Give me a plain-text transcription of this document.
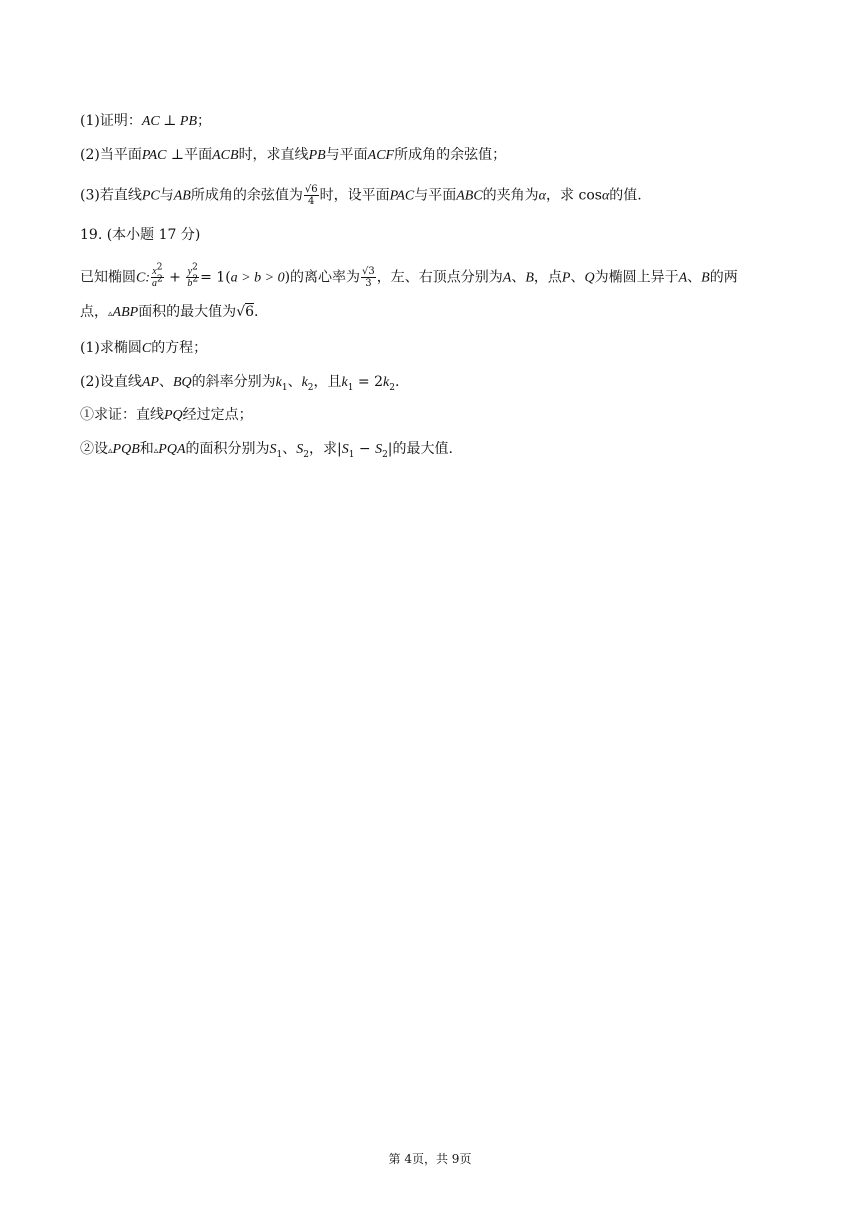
(1)证明：AC ⊥ PB；
(2)当平面PAC ⊥平面ACB时，求直线PB与平面ACF所成角的余弦值；
(3)若直线PC与AB所成角的余弦值为 $\frac{√6}{4}$ 时，设平面PAC与平面ABC的夹角为α，求 cosα的值.
19. (本小题 17 分)
已知椭圆C: $\frac{x^2}{a^2} + \frac{y^2}{b^2} = 1(a > b > 0)$的离心率为 $\frac{√3}{3}$ ，左、右顶点分别为A、B，点P、Q为椭圆上异于A、B的两
点，▵ABP面积的最大值为√6.
(1)求椭圆C的方程；
(2)设直线AP、BQ的斜率分别为$k_1$、$k_2$，且$k_1 = 2k_2$.
①求证：直线PQ经过定点；
②设▵PQB和▵PQA的面积分别为$S_1$、$S_2$，求$|S_1 - S_2|$的最大值.
第 4页，共 9页
